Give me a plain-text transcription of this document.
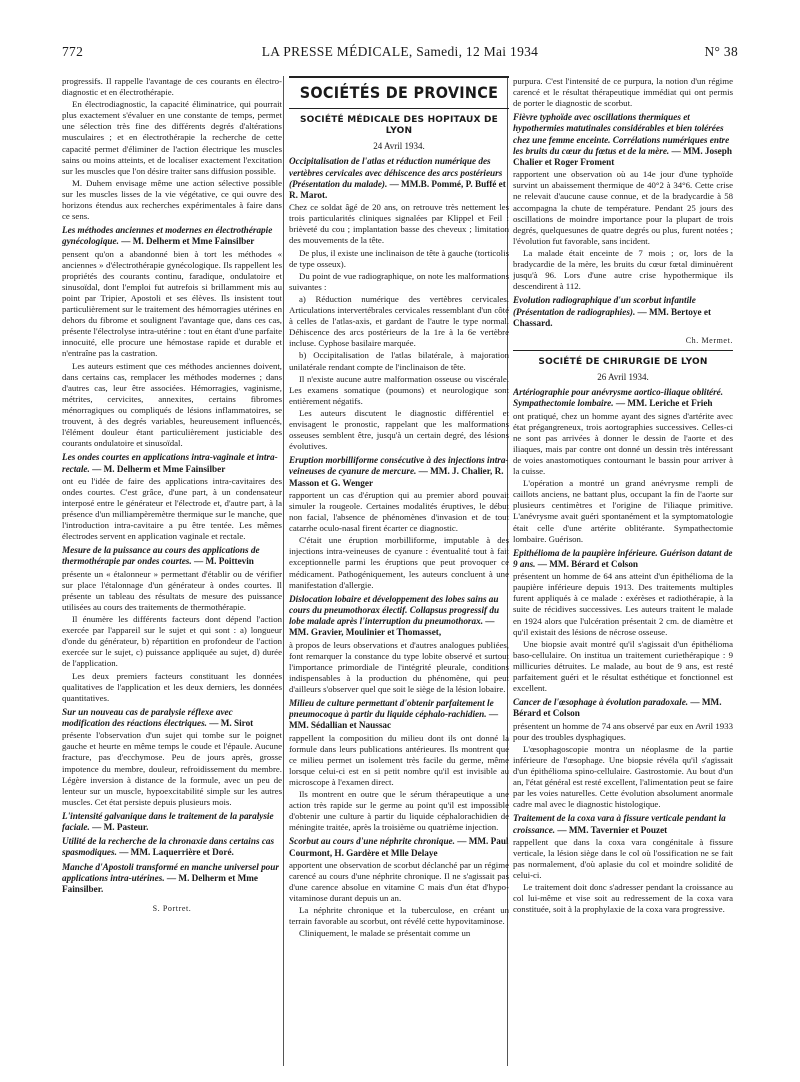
772	LA PRESSE MÉDICALE, Samedi, 12 Mai 1934	N° 38

progressifs. Il rappelle l'avantage de ces courants en électro-diagnostic et en électrothérapie.

En électrodiagnostic, la capacité éliminatrice, qui pourrait plus exactement s'évaluer en une constante de temps, permet une sélection très fine des différents degrés d'altérations musculaires ; et en électrothérapie la recherche de cette capacité permet d'éliminer de l'action électrique les muscles sains ou moins atteints, et de localiser exactement l'excitation sur les muscles que l'on désire traiter sans diffusion possible.

M. Duhem envisage même une action sélective possible sur les muscles lisses de la vie végétative, ce qui ouvre des horizons étendus aux recherches expérimentales à faire dans ce sens.

Les méthodes anciennes et modernes en électrothérapie gynécologique. — M. Delherm et Mme Fainsilber

pensent qu'on a abandonné bien à tort les méthodes « anciennes » d'électrothérapie gynécologique. Ils rappellent les propriétés des courants continu, faradique, ondulatoire et sinusoïdal, dont l'emploi fut autrefois si brillamment mis au point par Tripier, Apostoli et ses élèves. Ils insistent tout particulièrement sur le traitement des hémorragies utérines en dehors du fibrome et soulignent l'avantage que, dans ces cas, présente l'électrolyse intra-utérine : tout en étant d'une parfaite innocuité, elle procure une hémostase rapide et durable et n'entraîne pas la castration.

Les auteurs estiment que ces méthodes anciennes doivent, dans certains cas, remplacer les méthodes modernes ; dans d'autres cas, leur être associées. Hémorragies, vaginisme, métrites, cervicites, annexites, certains fibromes ménorragiques ou compliqués de lésions inflammatoires, se trouvent, à des degrés variables, heureusement influencés, l'élément douleur étant particulièrement justiciable des courants ondulatoire et sinusoïdal.

Les ondes courtes en applications intra-vaginale et intra-rectale. — M. Delherm et Mme Fainsilber

ont eu l'idée de faire des applications intra-cavitaires des ondes courtes. C'est grâce, d'une part, à un condensateur interposé entre le générateur et l'électrode et, d'autre part, à la présence d'un milliampèremètre thermique sur le manche, que l'introduction intra-cavitaire a pu être tentée. Les mêmes électrodes servent en application vaginale et rectale.

Mesure de la puissance au cours des applications de thermothérapie par ondes courtes. — M. Poittevin

présente un « étalonneur » permettant d'établir ou de vérifier sur place l'étalonnage d'un générateur à ondes courtes. Il présente un tableau des résultats de mesure des puissance utilisées au cours des traitements de thermothérapie.

Il énumère les différents facteurs dont dépend l'action exercée par l'appareil sur le sujet et qui sont : a) longueur d'onde du générateur, b) répartition en profondeur de l'action exercée sur le sujet, c) puissance appliquée au sujet, d) durée de l'application.

Les deux premiers facteurs constituant les données qualitatives de l'application et les deux derniers, les données quantitatives.

Sur un nouveau cas de paralysie réflexe avec modification des réactions électriques. — M. Sirot

présente l'observation d'un sujet qui tombe sur le poignet gauche et heurte en même temps le coude et l'épaule. Aucune fracture, pas d'ecchymose. Peu de jours après, grosse impotence du membre, douleur, refroidissement du membre. Légère inversion à distance de la formule, avec un peu de lenteur sur un muscle, hypoexcitabilité simple sur les autres muscles. Cet état persiste depuis plusieurs mois.

L'intensité galvanique dans le traitement de la paralysie faciale. — M. Pasteur.
Utilité de la recherche de la chronaxie dans certains cas spasmodiques. — MM. Laquerrière et Doré.
Manche d'Apostoli transformé en manche universel pour applications intra-utérines. — M. Delherm et Mme Fainsilber.

S. Portret.

SOCIÉTÉS DE PROVINCE
SOCIÉTÉ MÉDICALE DES HOPITAUX DE LYON
24 Avril 1934.
Occipitalisation de l'atlas et réduction numérique des vertèbres cervicales avec déhiscence des arcs postérieurs (Présentation du malade). — MM.B. Pommé, P. Buffé et R. Marot.

Chez ce soldat âgé de 20 ans, on retrouve très nettement les trois particularités cliniques signalées par Klippel et Feil : brièveté du cou ; implantation basse des cheveux ; limitation des mouvements de la tête.

De plus, il existe une inclinaison de tête à gauche (torticolis de type osseux).

Du point de vue radiographique, on note les malformations suivantes :

a) Réduction numérique des vertèbres cervicales. Articulations intervertébrales cervicales ressemblant d'un côté à celles de l'atlas-axis, et gardant de l'autre le type normal. Déhiscence des arcs postérieurs de la 1re à la 6e vertèbre incluse. Cyphose basilaire marquée.

b) Occipitalisation de l'atlas bilatérale, à majoration unilatérale rendant compte de l'inclinaison de tête.

Il n'existe aucune autre malformation osseuse ou viscérale. Les examens somatique (poumons) et neurologique sont entièrement négatifs.

Les auteurs discutent le diagnostic différentiel et envisagent le pronostic, rappelant que les malformations osseuses semblent être, jusqu'à un certain degré, des lésions évolutives.

Eruption morbilliforme consécutive à des injections intra-veineuses de cyanure de mercure. — MM. J. Chalier, R. Masson et G. Wenger

rapportent un cas d'éruption qui au premier abord pouvait simuler la rougeole. Certaines modalités éruptives, le début non facial, l'absence de phénomènes d'invasion et de tout catarrhe oculo-nasal firent écarter ce diagnostic.

C'était une éruption morbilliforme, imputable à des injections intra-veineuses de cyanure : éventualité tout à fait exceptionnelle parmi les éruptions que peut provoquer ce médicament. Pathogéniquement, les auteurs concluent à une manifestation d'allergie.

Dislocation lobaire et développement des lobes sains au cours du pneumothorax électif. Collapsus progressif du lobe malade après l'interruption du pneumothorax. — MM. Gravier, Moulinier et Thomasset,

à propos de leurs observations et d'autres analogues publiées, font remarquer la constance du type lobite observé et surtout l'importance primordiale de l'intégrité pleurale, conditions indispensables à la production du phénomène, qui peut d'ailleurs s'observer quel que soit le siège de la lésion lobaire.

Milieu de culture permettant d'obtenir parfaitement le pneumocoque à partir du liquide céphalo-rachidien. — MM. Sédallian et Naussac

rappellent la composition du milieu dont ils ont donné la formule dans leurs publications antérieures. Ils montrent que ce milieu permet un isolement très facile du germe, même lorsque celui-ci est en si petit nombre qu'il est invisible au microscope à l'examen direct.

Ils montrent en outre que le sérum thérapeutique a une action très rapide sur le germe au point qu'il est impossible d'obtenir une culture à partir du liquide céphalorachidien de méningite traitée, après la troisième ou quatrième injection.

Scorbut au cours d'une néphrite chronique. — MM. Paul Courmont, H. Gardère et Mlle Delaye

apportent une observation de scorbut déclanché par un régime carencé au cours d'une néphrite chronique. Il ne s'agissait pas d'une carence absolue en vitamine C mais d'un état d'hypo-vitaminose durant depuis un an.

La néphrite chronique et la tuberculose, en créant un terrain favorable au scorbut, ont révélé cette hypovitaminose.

Cliniquement, le malade se présentait comme un

purpura. C'est l'intensité de ce purpura, la notion d'un régime carencé et le résultat thérapeutique immédiat qui ont permis de porter le diagnostic de scorbut.

Fièvre typhoïde avec oscillations thermiques et hypothermies matutinales considérables et bien tolérées chez une femme enceinte. Corrélations numériques entre les bruits du cœur du fœtus et de la mère. — MM. Joseph Chalier et Roger Froment

rapportent une observation où au 14e jour d'une typhoïde survint un abaissement thermique de 40°2 à 34°6. Cette crise ne relevait d'aucune cause connue, et de la bradycardie à 58 accompagna la chute de température. Pendant 25 jours des oscillations de moindre importance pour la plupart de trois degrés, quelquesunes de quatre degrés ou plus, furent notées ; l'évolution fut favorable, sans incident.

La malade était enceinte de 7 mois ; or, lors de la bradycardie de la mère, les bruits du cœur fœtal diminuèrent jusqu'à 96. Lors d'une autre crise hypothermique ils descendirent à 112.

Evolution radiographique d'un scorbut infantile (Présentation de radiographies). — MM. Bertoye et Chassard.

Ch. Mermet.

SOCIÉTÉ DE CHIRURGIE DE LYON
26 Avril 1934.
Artériographie pour anévrysme aortico-iliaque oblitéré. Sympathectomie lombaire. — MM. Leriche et Frieh

ont pratiqué, chez un homme ayant des signes d'artérite avec état prégangreneux, trois aortographies successives. Celles-ci ne sont pas arrivées à donner le dessin de l'aorte et des iliaques, mais par contre ont donné un dessin très intéressant de voies anastomotiques contournant le bassin pour arriver à la cuisse.

L'opération a montré un grand anévrysme rempli de caillots anciens, ne battant plus, occupant la fin de l'aorte sur plusieurs centimètres et l'origine de l'iliaque primitive. L'anévrysme avait guéri spontanément et la symptomatologie était celle d'une artérite oblitérante. Sympathectomie lombaire. Guérison.

Epithélioma de la paupière inférieure. Guérison datant de 9 ans. — MM. Bérard et Colson

présentent un homme de 64 ans atteint d'un épithélioma de la paupière inférieure depuis 1913. Des traitements multiples furent appliqués à ce malade : exérèses et radiothérapie, à la suite de récidives successives. Les auteurs traitent le malade en 1924 alors que l'ulcération présentait 2 cm. de diamètre et qu'il existait des lésions de nécrose osseuse.

Une biopsie avait montré qu'il s'agissait d'un épithélioma baso-cellulaire. On institua un traitement curiethérapique : 9 millicuries détruites. Le malade, au bout de 9 ans, est resté parfaitement guéri et le résultat esthétique et fonctionnel est excellent.

Cancer de l'œsophage à évolution paradoxale. — MM. Bérard et Colson

présentent un homme de 74 ans observé par eux en Avril 1933 pour des troubles dysphagiques.

L'œsophagoscopie montra un néoplasme de la partie inférieure de l'œsophage. Une biopsie révéla qu'il s'agissait d'un épithélioma spino-cellulaire. Gastrostomie. Au bout d'un an, l'état général est resté excellent, l'alimentation peut se faire par les voies naturelles. Cette évolution absolument anormale cadre mal avec le diagnostic histologique.

Traitement de la coxa vara à fissure verticale pendant la croissance. — MM. Tavernier et Pouzet

rappellent que dans la coxa vara congénitale à fissure verticale, la lésion siège dans le col où l'ossification ne se fait pas normalement, d'où aplasie du col et moindre solidité de celui-ci.

Le traitement doit donc s'adresser pendant la croissance au col lui-même et vise soit au redressement de la coxa vara constituée, soit à la prophylaxie de la coxa vara progressive.
